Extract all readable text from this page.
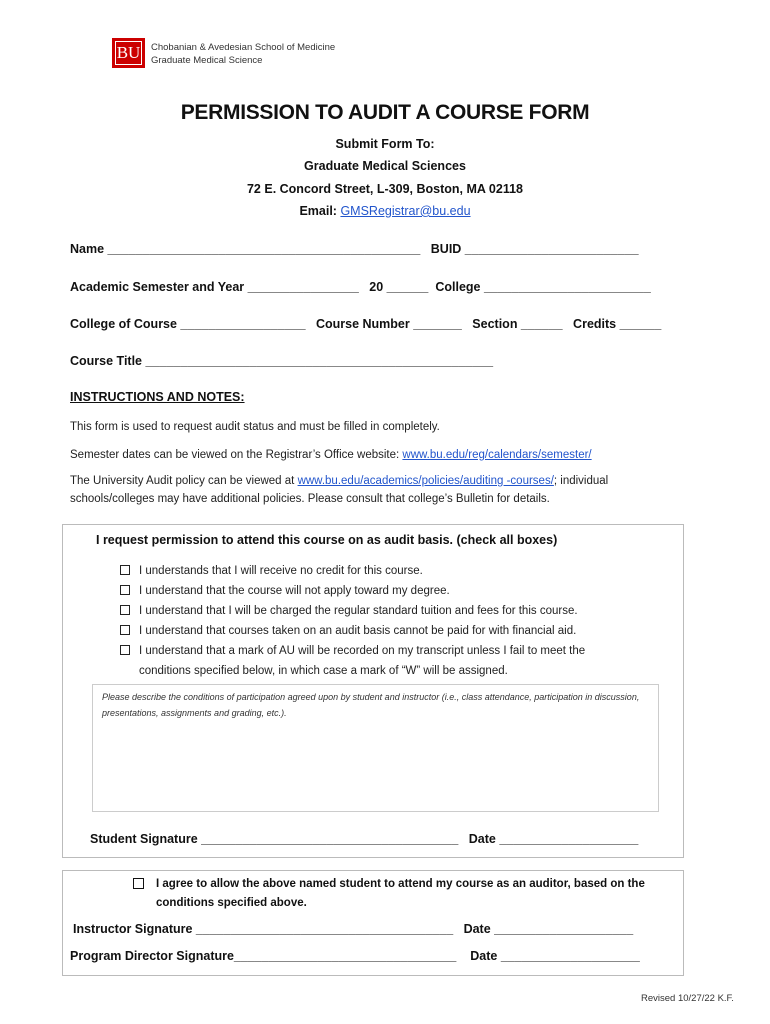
BU	Chobanian & Avedesian School of Medicine
Graduate Medical Science
PERMISSION TO AUDIT A COURSE FORM
Submit Form To:
Graduate Medical Sciences
72 E. Concord Street, L-309, Boston, MA 02118
Email: GMSRegistrar@bu.edu
Name _____________________________________________   BUID _________________________
Academic Semester and Year ________________   20 ______  College ________________________
College of Course __________________   Course Number _______   Section ______   Credits ______
Course Title __________________________________________________
INSTRUCTIONS AND NOTES:
This form is used to request audit status and must be filled in completely.
Semester dates can be viewed on the Registrar’s Office website: www.bu.edu/reg/calendars/semester/
The University Audit policy can be viewed at www.bu.edu/academics/policies/auditing -courses/; individual schools/colleges may have additional policies. Please consult that college’s Bulletin for details.
I request permission to attend this course on as audit basis. (check all boxes)
I understands that I will receive no credit for this course.
I understand that the course will not apply toward my degree.
I understand that I will be charged the regular standard tuition and fees for this course.
I understand that courses taken on an audit basis cannot be paid for with financial aid.
I understand that a mark of AU will be recorded on my transcript unless I fail to meet the
conditions specified below, in which case a mark of “W” will be assigned.
Please describe the conditions of participation agreed upon by student and instructor (i.e., class attendance, participation in discussion, presentations, assignments and grading, etc.).
Student Signature _____________________________________   Date ____________________
I agree to allow the above named student to attend my course as an auditor, based on the conditions specified above.
Instructor Signature _____________________________________   Date ____________________
Program Director Signature________________________________    Date ____________________
Revised 10/27/22 K.F.
